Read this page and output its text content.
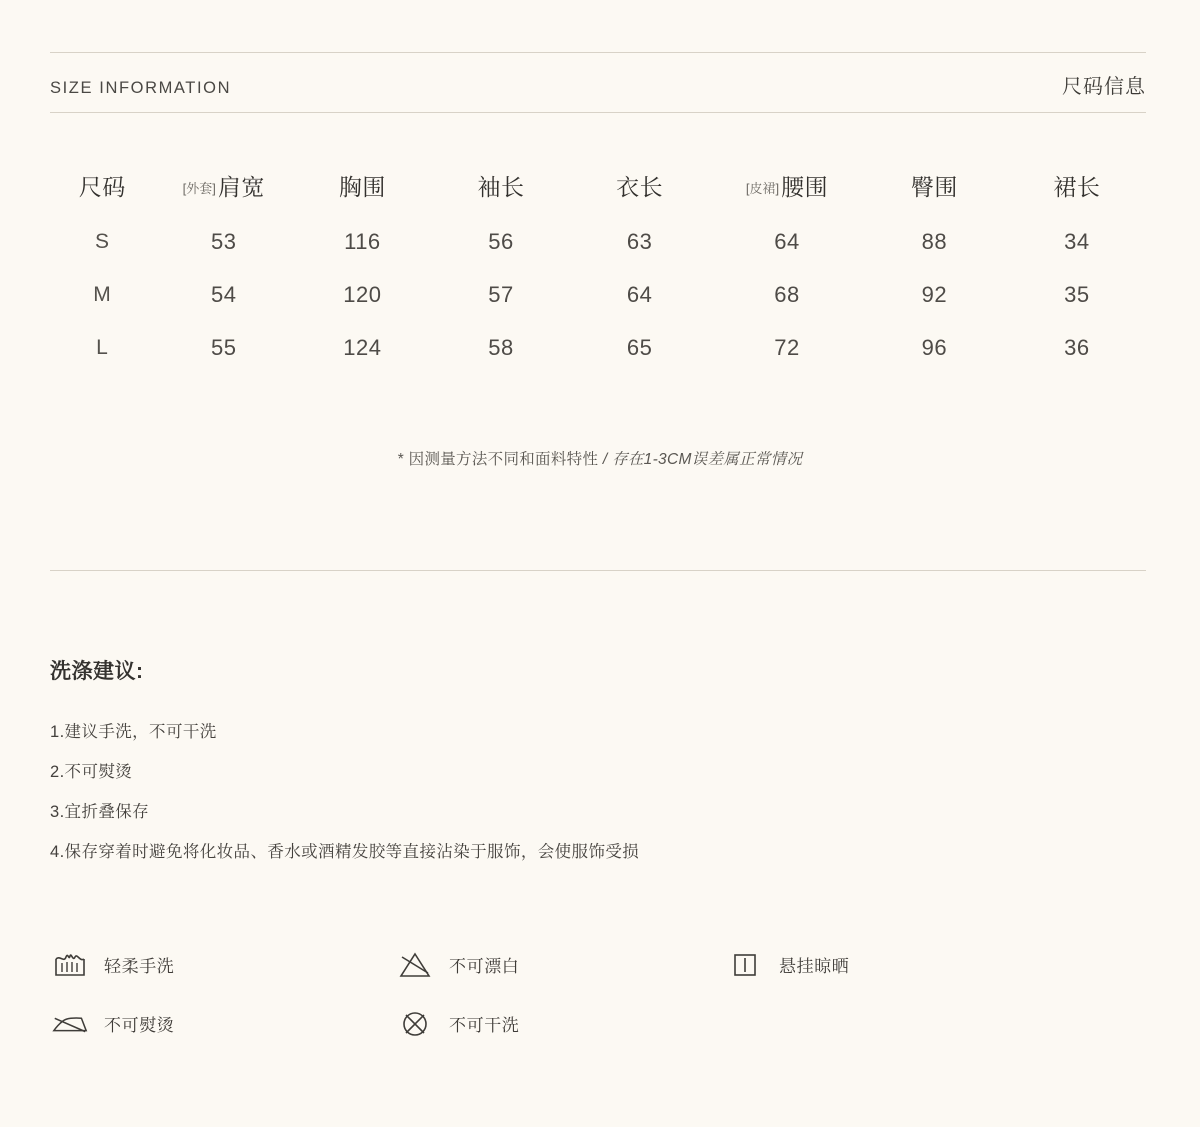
SIZE INFORMATION	尺码信息
尺码	[外套]肩宽	胸围	袖长	衣长	[皮裙]腰围	臀围	裙长
S	53	116	56	63	64	88	34
M	54	120	57	64	68	92	35
L	55	124	58	65	72	96	36
* 因测量方法不同和面料特性 / 存在1-3CM误差属正常情况
洗涤建议:
1.建议手洗，不可干洗
2.不可熨烫
3.宜折叠保存
4.保存穿着时避免将化妆品、香水或酒精发胶等直接沾染于服饰，会使服饰受损
轻柔手洗	不可漂白	悬挂晾晒
不可熨烫	不可干洗
